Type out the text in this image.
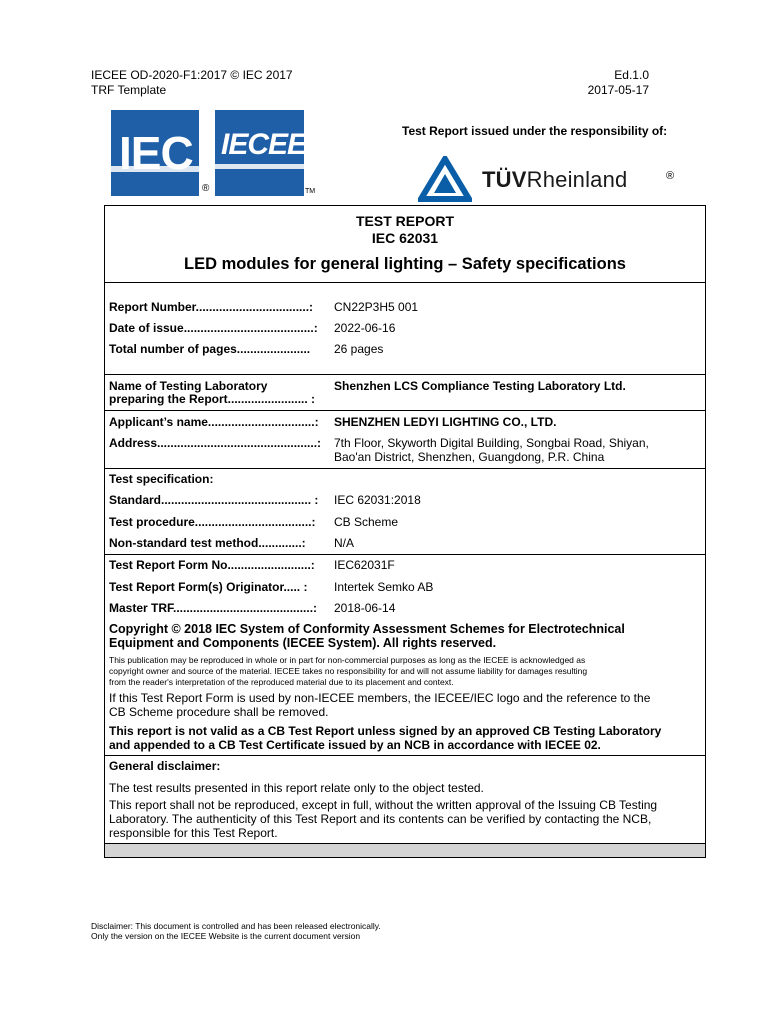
IECEE OD-2020-F1:2017 © IEC 2017
TRF Template
Ed.1.0
2017-05-17
IEC
®
IECEE
TM
Test Report issued under the responsibility of:
TÜVRheinland	®
TEST REPORT
IEC 62031
LED modules for general lighting – Safety specifications
Report Number..................................: CN22P3H5 001
Date of issue.......................................: 2022-06-16
Total number of pages...................... 26 pages
Name of Testing Laboratory
preparing the Report........................ :
Shenzhen LCS Compliance Testing Laboratory Ltd.
Applicant’s name................................: SHENZHEN LEDYI LIGHTING CO., LTD.
Address................................................: 7th Floor, Skyworth Digital Building, Songbai Road, Shiyan,
Bao'an District, Shenzhen, Guangdong, P.R. China
Test specification:
Standard............................................. : IEC 62031:2018
Test procedure...................................: CB Scheme
Non-standard test method.............: N/A
Test Report Form No.........................: IEC62031F
Test Report Form(s) Originator..... : Intertek Semko AB
Master TRF..........................................: 2018-06-14
Copyright © 2018 IEC System of Conformity Assessment Schemes for Electrotechnical
Equipment and Components (IECEE System). All rights reserved.
This publication may be reproduced in whole or in part for non-commercial purposes as long as the IECEE is acknowledged as
copyright owner and source of the material. IECEE takes no responsibility for and will not assume liability for damages resulting
from the reader's interpretation of the reproduced material due to its placement and context.
If this Test Report Form is used by non-IECEE members, the IECEE/IEC logo and the reference to the
CB Scheme procedure shall be removed.
This report is not valid as a CB Test Report unless signed by an approved CB Testing Laboratory
and appended to a CB Test Certificate issued by an NCB in accordance with IECEE 02.
General disclaimer:
The test results presented in this report relate only to the object tested.
This report shall not be reproduced, except in full, without the written approval of the Issuing CB Testing
Laboratory. The authenticity of this Test Report and its contents can be verified by contacting the NCB,
responsible for this Test Report.
Disclaimer: This document is controlled and has been released electronically.
Only the version on the IECEE Website is the current document version
